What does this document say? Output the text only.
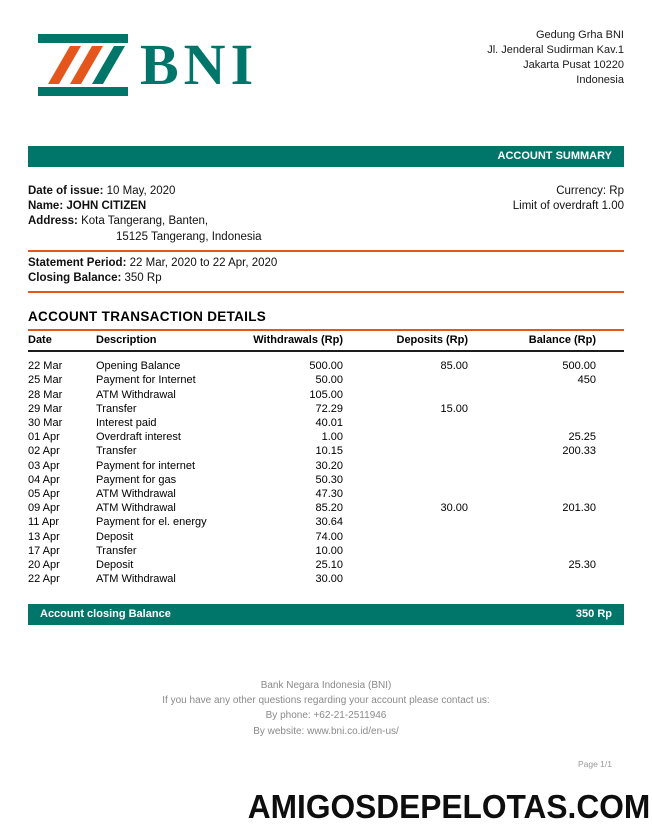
BNI	Gedung Grha BNI
Jl. Jenderal Sudirman Kav.1
Jakarta Pusat 10220
Indonesia
ACCOUNT SUMMARY
Date of issue: 10 May, 2020
Name: JOHN CITIZEN
Address: Kota Tangerang, Banten,
15125 Tangerang, Indonesia
Statement Period: 22 Mar, 2020 to 22 Apr, 2020
Closing Balance: 350 Rp
Currency: Rp
Limit of overdraft 1.00
ACCOUNT TRANSACTION DETAILS
Date	Description	Withdrawals (Rp)	Deposits (Rp)	Balance (Rp)
22 Mar	Opening Balance	500.00	85.00	500.00
25 Mar	Payment for Internet	50.00		450
28 Mar	ATM Withdrawal	105.00		
29 Mar	Transfer	72.29	15.00	
30 Mar	Interest paid	40.01		
01 Apr	Overdraft interest	1.00		25.25
02 Apr	Transfer	10.15		200.33
03 Apr	Payment for internet	30.20		
04 Apr	Payment for gas	50.30		
05 Apr	ATM Withdrawal	47.30		
09 Apr	ATM Withdrawal	85.20	30.00	201.30
11 Apr	Payment for el. energy	30.64		
13 Apr	Deposit	74.00		
17 Apr	Transfer	10.00		
20 Apr	Deposit	25.10		25.30
22 Apr	ATM Withdrawal	30.00		
Account closing Balance	350 Rp
Bank Negara Indonesia (BNI)
If you have any other questions regarding your account please contact us:
By phone: +62-21-2511946
By website: www.bni.co.id/en-us/
Page 1/1
AMIGOSDEPELOTAS.COM
